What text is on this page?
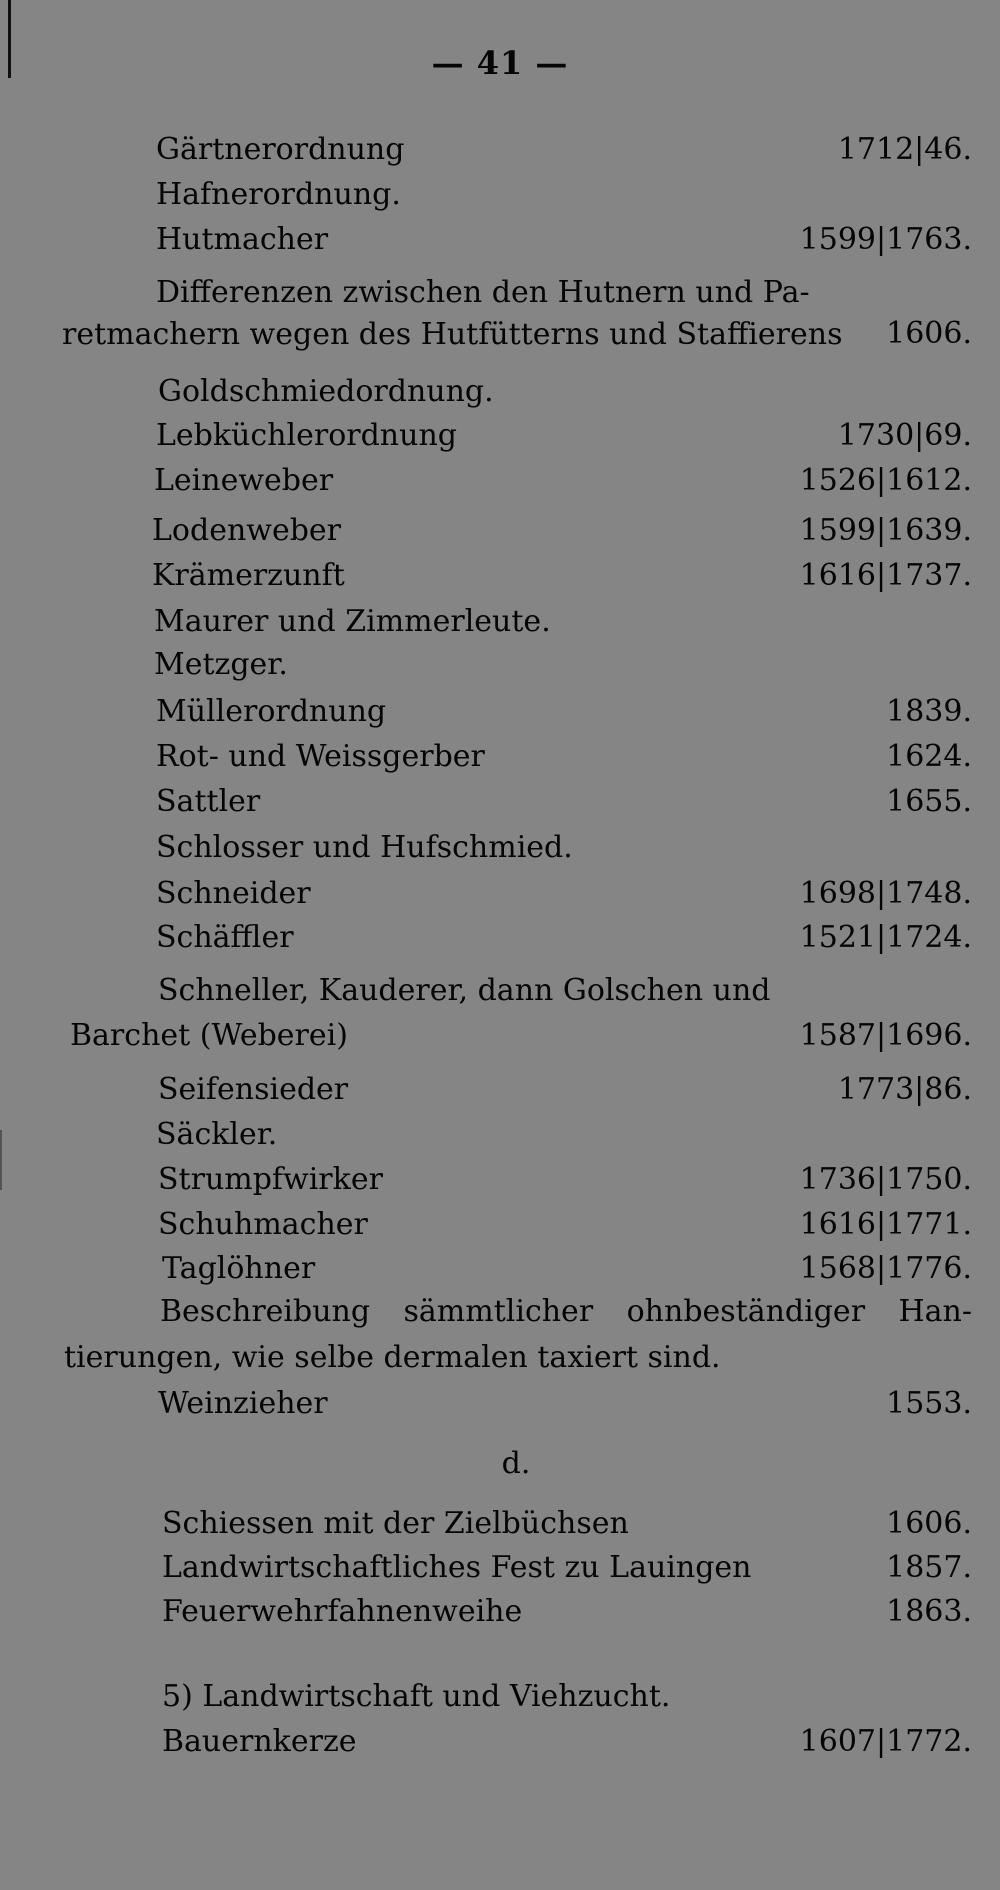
— 41 —
Gärtnerordnung	1712|46.
Hafnerordnung.
Hutmacher	1599|1763.
Differenzen zwischen den Hutnern und Pa-
retmachern wegen des Hutfütterns und Staffierens	1606.
Goldschmiedordnung.
Lebküchlerordnung	1730|69.
Leineweber	1526|1612.
Lodenweber	1599|1639.
Krämerzunft	1616|1737.
Maurer und Zimmerleute.
Metzger.
Müllerordnung	1839.
Rot- und Weissgerber	1624.
Sattler	1655.
Schlosser und Hufschmied.
Schneider	1698|1748.
Schäffler	1521|1724.
Schneller, Kauderer, dann Golschen und
Barchet (Weberei)	1587|1696.
Seifensieder	1773|86.
Säckler.
Strumpfwirker	1736|1750.
Schuhmacher	1616|1771.
Taglöhner	1568|1776.
Beschreibung sämmtlicher ohnbeständiger Han-
tierungen, wie selbe dermalen taxiert sind.
Weinzieher	1553.
d.
Schiessen mit der Zielbüchsen	1606.
Landwirtschaftliches Fest zu Lauingen	1857.
Feuerwehrfahnenweihe	1863.
5) Landwirtschaft und Viehzucht.
Bauernkerze	1607|1772.
